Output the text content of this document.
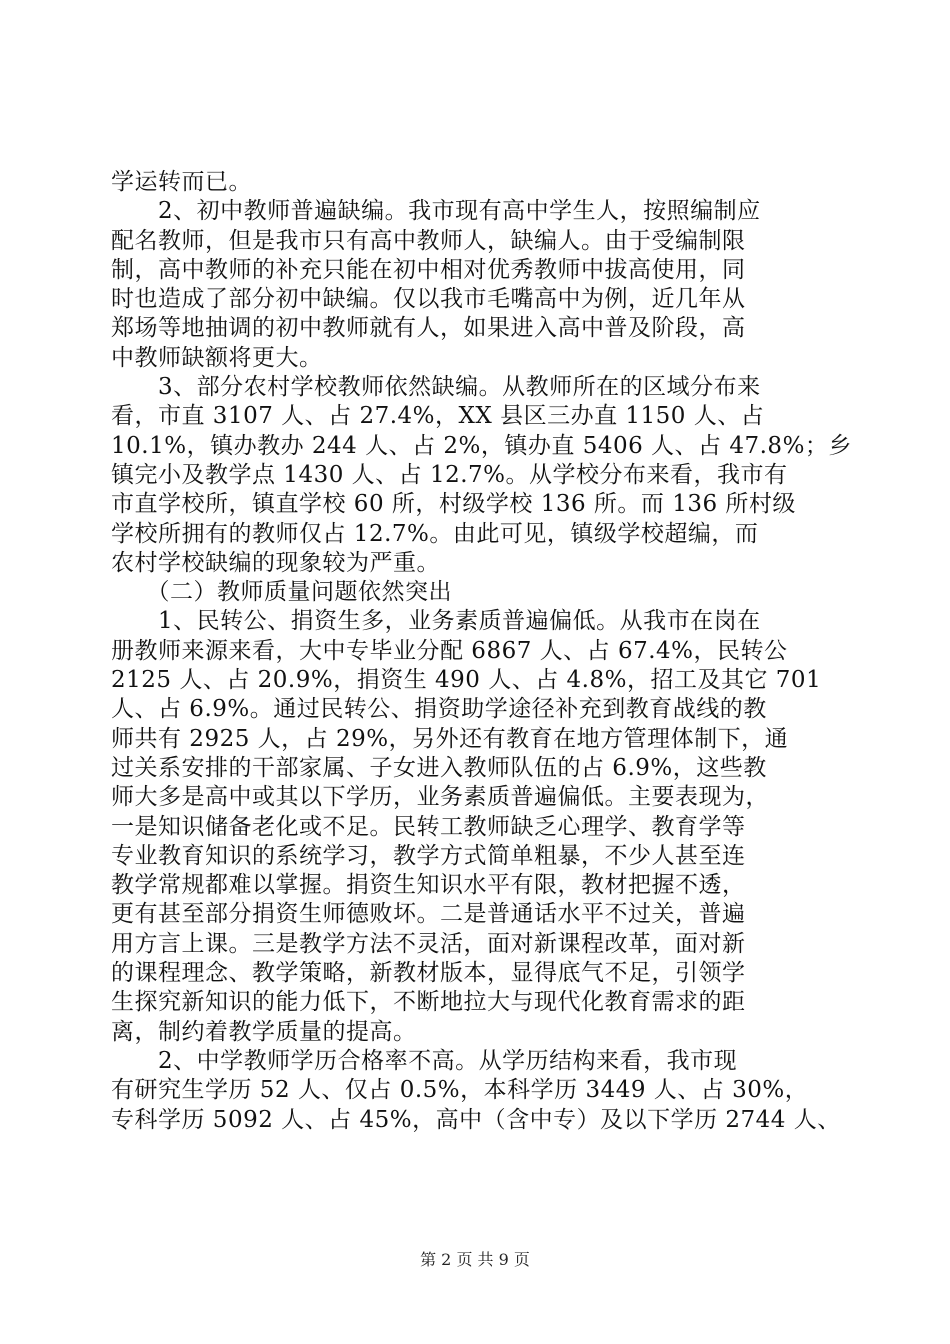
学运转而已。
　　2、初中教师普遍缺编。我市现有高中学生人，按照编制应
配名教师，但是我市只有高中教师人，缺编人。由于受编制限
制，高中教师的补充只能在初中相对优秀教师中拔高使用，同
时也造成了部分初中缺编。仅以我市毛嘴高中为例，近几年从
郑场等地抽调的初中教师就有人，如果进入高中普及阶段，高
中教师缺额将更大。
　　3、部分农村学校教师依然缺编。从教师所在的区域分布来
看，市直 3107 人、占 27.4%，XX 县区三办直 1150 人、占
10.1%，镇办教办 244 人、占 2%，镇办直 5406 人、占 47.8%；乡
镇完小及教学点 1430 人、占 12.7%。从学校分布来看，我市有
市直学校所，镇直学校 60 所，村级学校 136 所。而 136 所村级
学校所拥有的教师仅占 12.7%。由此可见，镇级学校超编，而
农村学校缺编的现象较为严重。
　　（二）教师质量问题依然突出
　　1、民转公、捐资生多，业务素质普遍偏低。从我市在岗在
册教师来源来看，大中专毕业分配 6867 人、占 67.4%，民转公
2125 人、占 20.9%，捐资生 490 人、占 4.8%，招工及其它 701
人、占 6.9%。通过民转公、捐资助学途径补充到教育战线的教
师共有 2925 人，占 29%，另外还有教育在地方管理体制下，通
过关系安排的干部家属、子女进入教师队伍的占 6.9%，这些教
师大多是高中或其以下学历，业务素质普遍偏低。主要表现为，
一是知识储备老化或不足。民转工教师缺乏心理学、教育学等
专业教育知识的系统学习，教学方式简单粗暴，不少人甚至连
教学常规都难以掌握。捐资生知识水平有限，教材把握不透，
更有甚至部分捐资生师德败坏。二是普通话水平不过关，普遍
用方言上课。三是教学方法不灵活，面对新课程改革，面对新
的课程理念、教学策略，新教材版本，显得底气不足，引领学
生探究新知识的能力低下，不断地拉大与现代化教育需求的距
离，制约着教学质量的提高。
　　2、中学教师学历合格率不高。从学历结构来看，我市现
有研究生学历 52 人、仅占 0.5%，本科学历 3449 人、占 30%，
专科学历 5092 人、占 45%，高中（含中专）及以下学历 2744 人、
第 2 页 共 9 页
